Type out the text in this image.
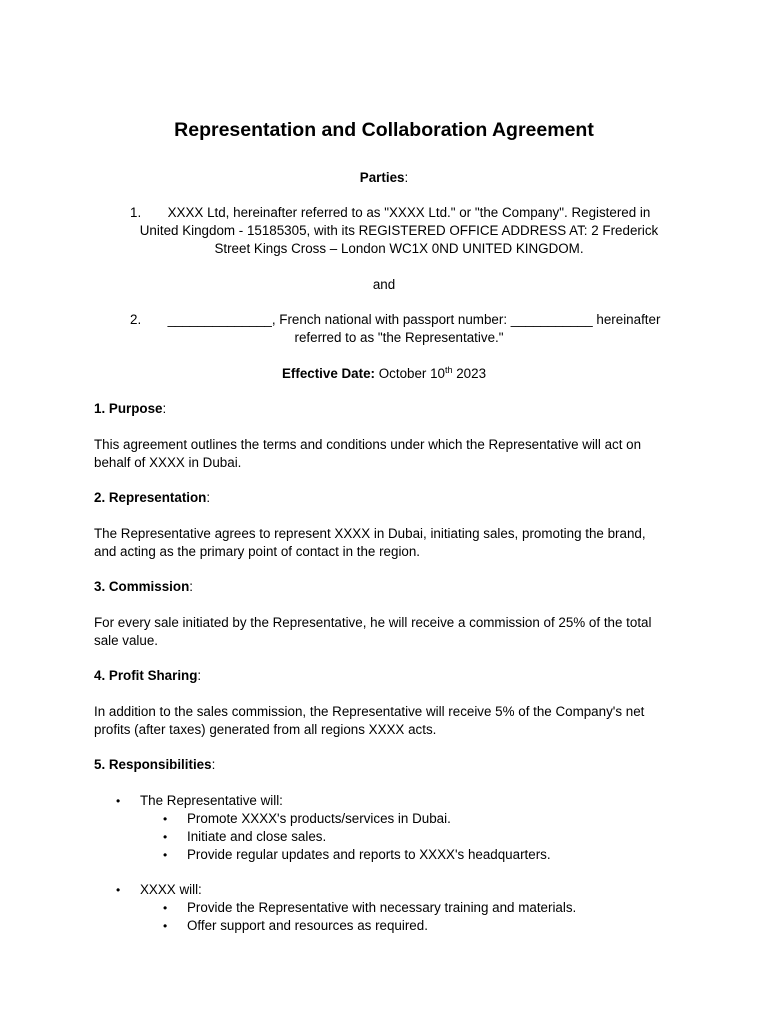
Representation and Collaboration Agreement

Parties:

1.	XXXX Ltd, hereinafter referred to as "XXXX Ltd." or "the Company". Registered in
United Kingdom - 15185305, with its REGISTERED OFFICE ADDRESS AT: 2 Frederick
Street Kings Cross – London WC1X 0ND UNITED KINGDOM.

and

2.	______________, French national with passport number: ___________ hereinafter
referred to as "the Representative."

Effective Date: October 10th 2023

1. Purpose:

This agreement outlines the terms and conditions under which the Representative will act on
behalf of XXXX in Dubai.

2. Representation:

The Representative agrees to represent XXXX in Dubai, initiating sales, promoting the brand,
and acting as the primary point of contact in the region.

3. Commission:

For every sale initiated by the Representative, he will receive a commission of 25% of the total
sale value.

4. Profit Sharing:

In addition to the sales commission, the Representative will receive 5% of the Company's net
profits (after taxes) generated from all regions XXXX acts.

5. Responsibilities:

• The Representative will:

• Promote XXXX's products/services in Dubai.

• Initiate and close sales.

• Provide regular updates and reports to XXXX's headquarters.

• XXXX will:

• Provide the Representative with necessary training and materials.

• Offer support and resources as required.
